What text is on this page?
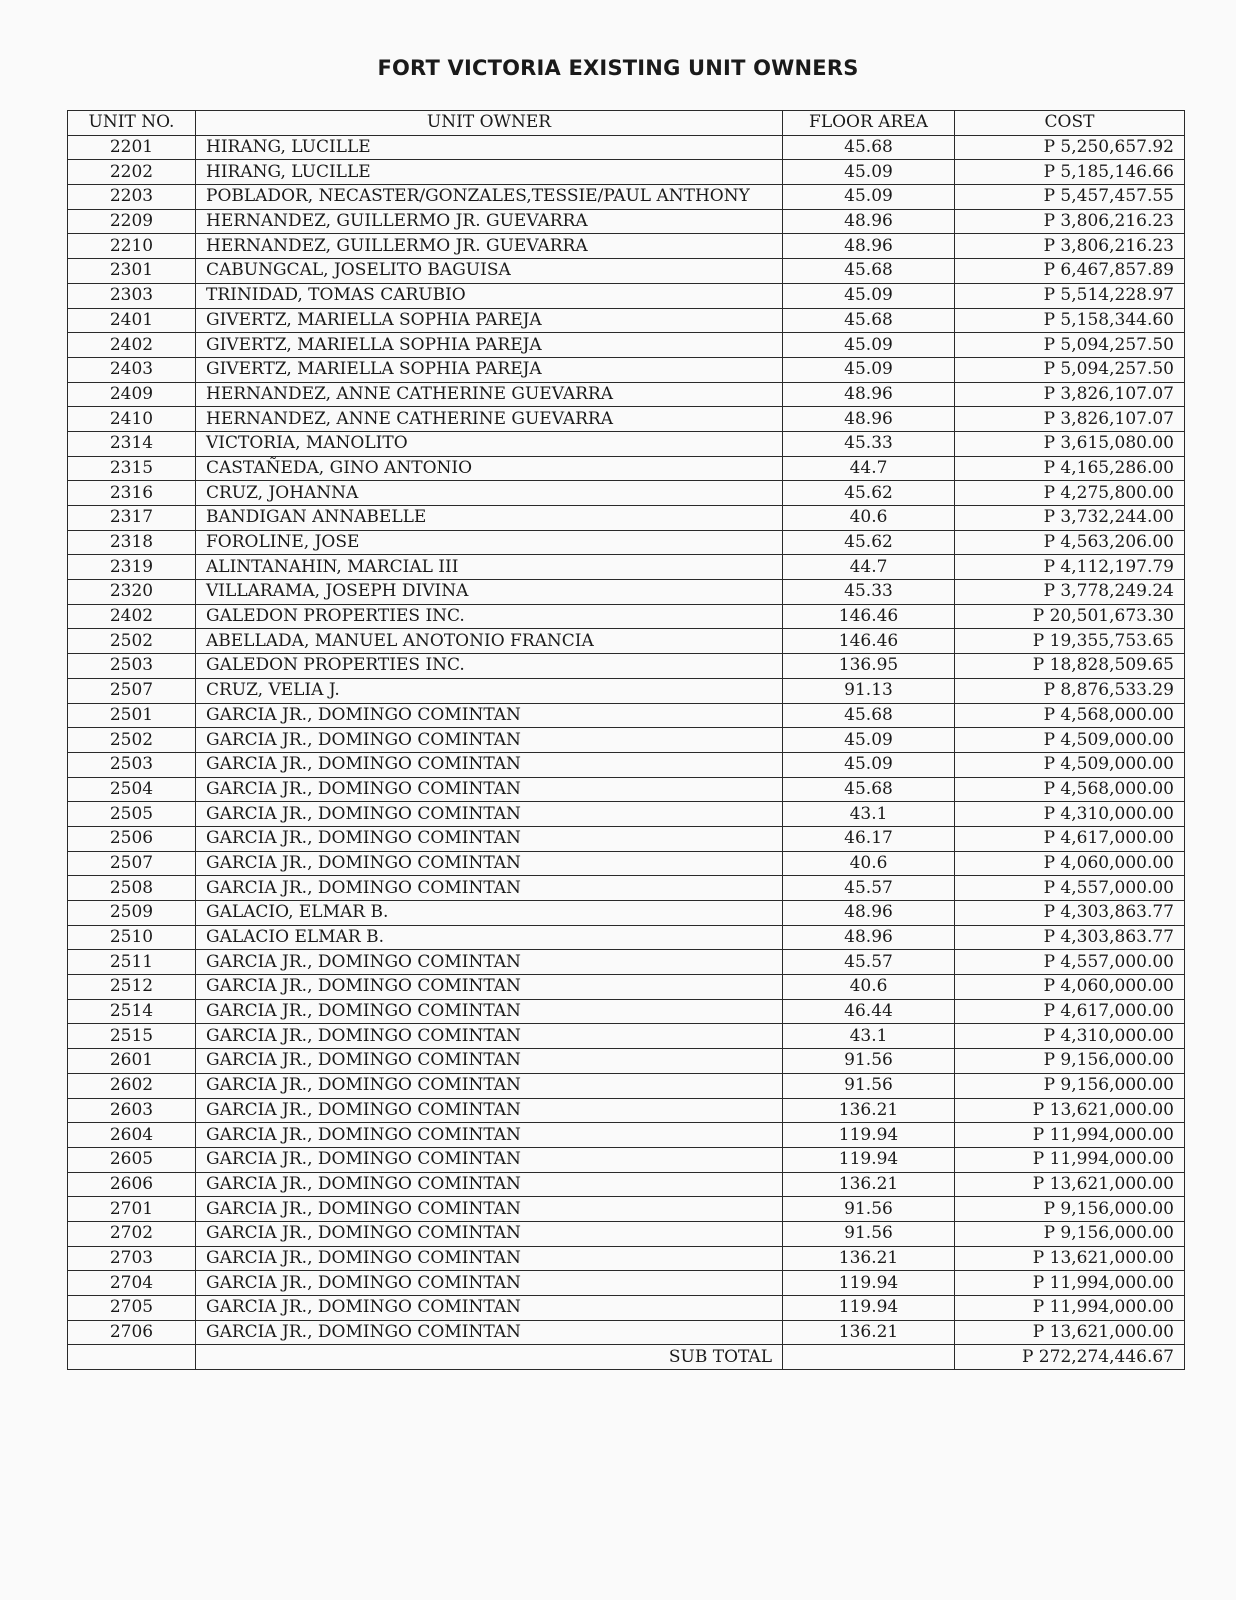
FORT VICTORIA EXISTING UNIT OWNERS
UNIT NO.	UNIT OWNER	FLOOR AREA	COST
2201	HIRANG, LUCILLE	45.68	P 5,250,657.92
2202	HIRANG, LUCILLE	45.09	P 5,185,146.66
2203	POBLADOR, NECASTER/GONZALES,TESSIE/PAUL ANTHONY	45.09	P 5,457,457.55
2209	HERNANDEZ, GUILLERMO JR. GUEVARRA	48.96	P 3,806,216.23
2210	HERNANDEZ, GUILLERMO JR. GUEVARRA	48.96	P 3,806,216.23
2301	CABUNGCAL, JOSELITO BAGUISA	45.68	P 6,467,857.89
2303	TRINIDAD, TOMAS CARUBIO	45.09	P 5,514,228.97
2401	GIVERTZ, MARIELLA SOPHIA PAREJA	45.68	P 5,158,344.60
2402	GIVERTZ, MARIELLA SOPHIA PAREJA	45.09	P 5,094,257.50
2403	GIVERTZ, MARIELLA SOPHIA PAREJA	45.09	P 5,094,257.50
2409	HERNANDEZ, ANNE CATHERINE GUEVARRA	48.96	P 3,826,107.07
2410	HERNANDEZ, ANNE CATHERINE GUEVARRA	48.96	P 3,826,107.07
2314	VICTORIA, MANOLITO	45.33	P 3,615,080.00
2315	CASTAÑEDA, GINO ANTONIO	44.7	P 4,165,286.00
2316	CRUZ, JOHANNA	45.62	P 4,275,800.00
2317	BANDIGAN ANNABELLE	40.6	P 3,732,244.00
2318	FOROLINE, JOSE	45.62	P 4,563,206.00
2319	ALINTANAHIN, MARCIAL III	44.7	P 4,112,197.79
2320	VILLARAMA, JOSEPH DIVINA	45.33	P 3,778,249.24
2402	GALEDON PROPERTIES INC.	146.46	P 20,501,673.30
2502	ABELLADA, MANUEL ANOTONIO FRANCIA	146.46	P 19,355,753.65
2503	GALEDON PROPERTIES INC.	136.95	P 18,828,509.65
2507	CRUZ, VELIA J.	91.13	P 8,876,533.29
2501	GARCIA JR., DOMINGO COMINTAN	45.68	P 4,568,000.00
2502	GARCIA JR., DOMINGO COMINTAN	45.09	P 4,509,000.00
2503	GARCIA JR., DOMINGO COMINTAN	45.09	P 4,509,000.00
2504	GARCIA JR., DOMINGO COMINTAN	45.68	P 4,568,000.00
2505	GARCIA JR., DOMINGO COMINTAN	43.1	P 4,310,000.00
2506	GARCIA JR., DOMINGO COMINTAN	46.17	P 4,617,000.00
2507	GARCIA JR., DOMINGO COMINTAN	40.6	P 4,060,000.00
2508	GARCIA JR., DOMINGO COMINTAN	45.57	P 4,557,000.00
2509	GALACIO, ELMAR B.	48.96	P 4,303,863.77
2510	GALACIO ELMAR B.	48.96	P 4,303,863.77
2511	GARCIA JR., DOMINGO COMINTAN	45.57	P 4,557,000.00
2512	GARCIA JR., DOMINGO COMINTAN	40.6	P 4,060,000.00
2514	GARCIA JR., DOMINGO COMINTAN	46.44	P 4,617,000.00
2515	GARCIA JR., DOMINGO COMINTAN	43.1	P 4,310,000.00
2601	GARCIA JR., DOMINGO COMINTAN	91.56	P 9,156,000.00
2602	GARCIA JR., DOMINGO COMINTAN	91.56	P 9,156,000.00
2603	GARCIA JR., DOMINGO COMINTAN	136.21	P 13,621,000.00
2604	GARCIA JR., DOMINGO COMINTAN	119.94	P 11,994,000.00
2605	GARCIA JR., DOMINGO COMINTAN	119.94	P 11,994,000.00
2606	GARCIA JR., DOMINGO COMINTAN	136.21	P 13,621,000.00
2701	GARCIA JR., DOMINGO COMINTAN	91.56	P 9,156,000.00
2702	GARCIA JR., DOMINGO COMINTAN	91.56	P 9,156,000.00
2703	GARCIA JR., DOMINGO COMINTAN	136.21	P 13,621,000.00
2704	GARCIA JR., DOMINGO COMINTAN	119.94	P 11,994,000.00
2705	GARCIA JR., DOMINGO COMINTAN	119.94	P 11,994,000.00
2706	GARCIA JR., DOMINGO COMINTAN	136.21	P 13,621,000.00
	SUB TOTAL		P 272,274,446.67
